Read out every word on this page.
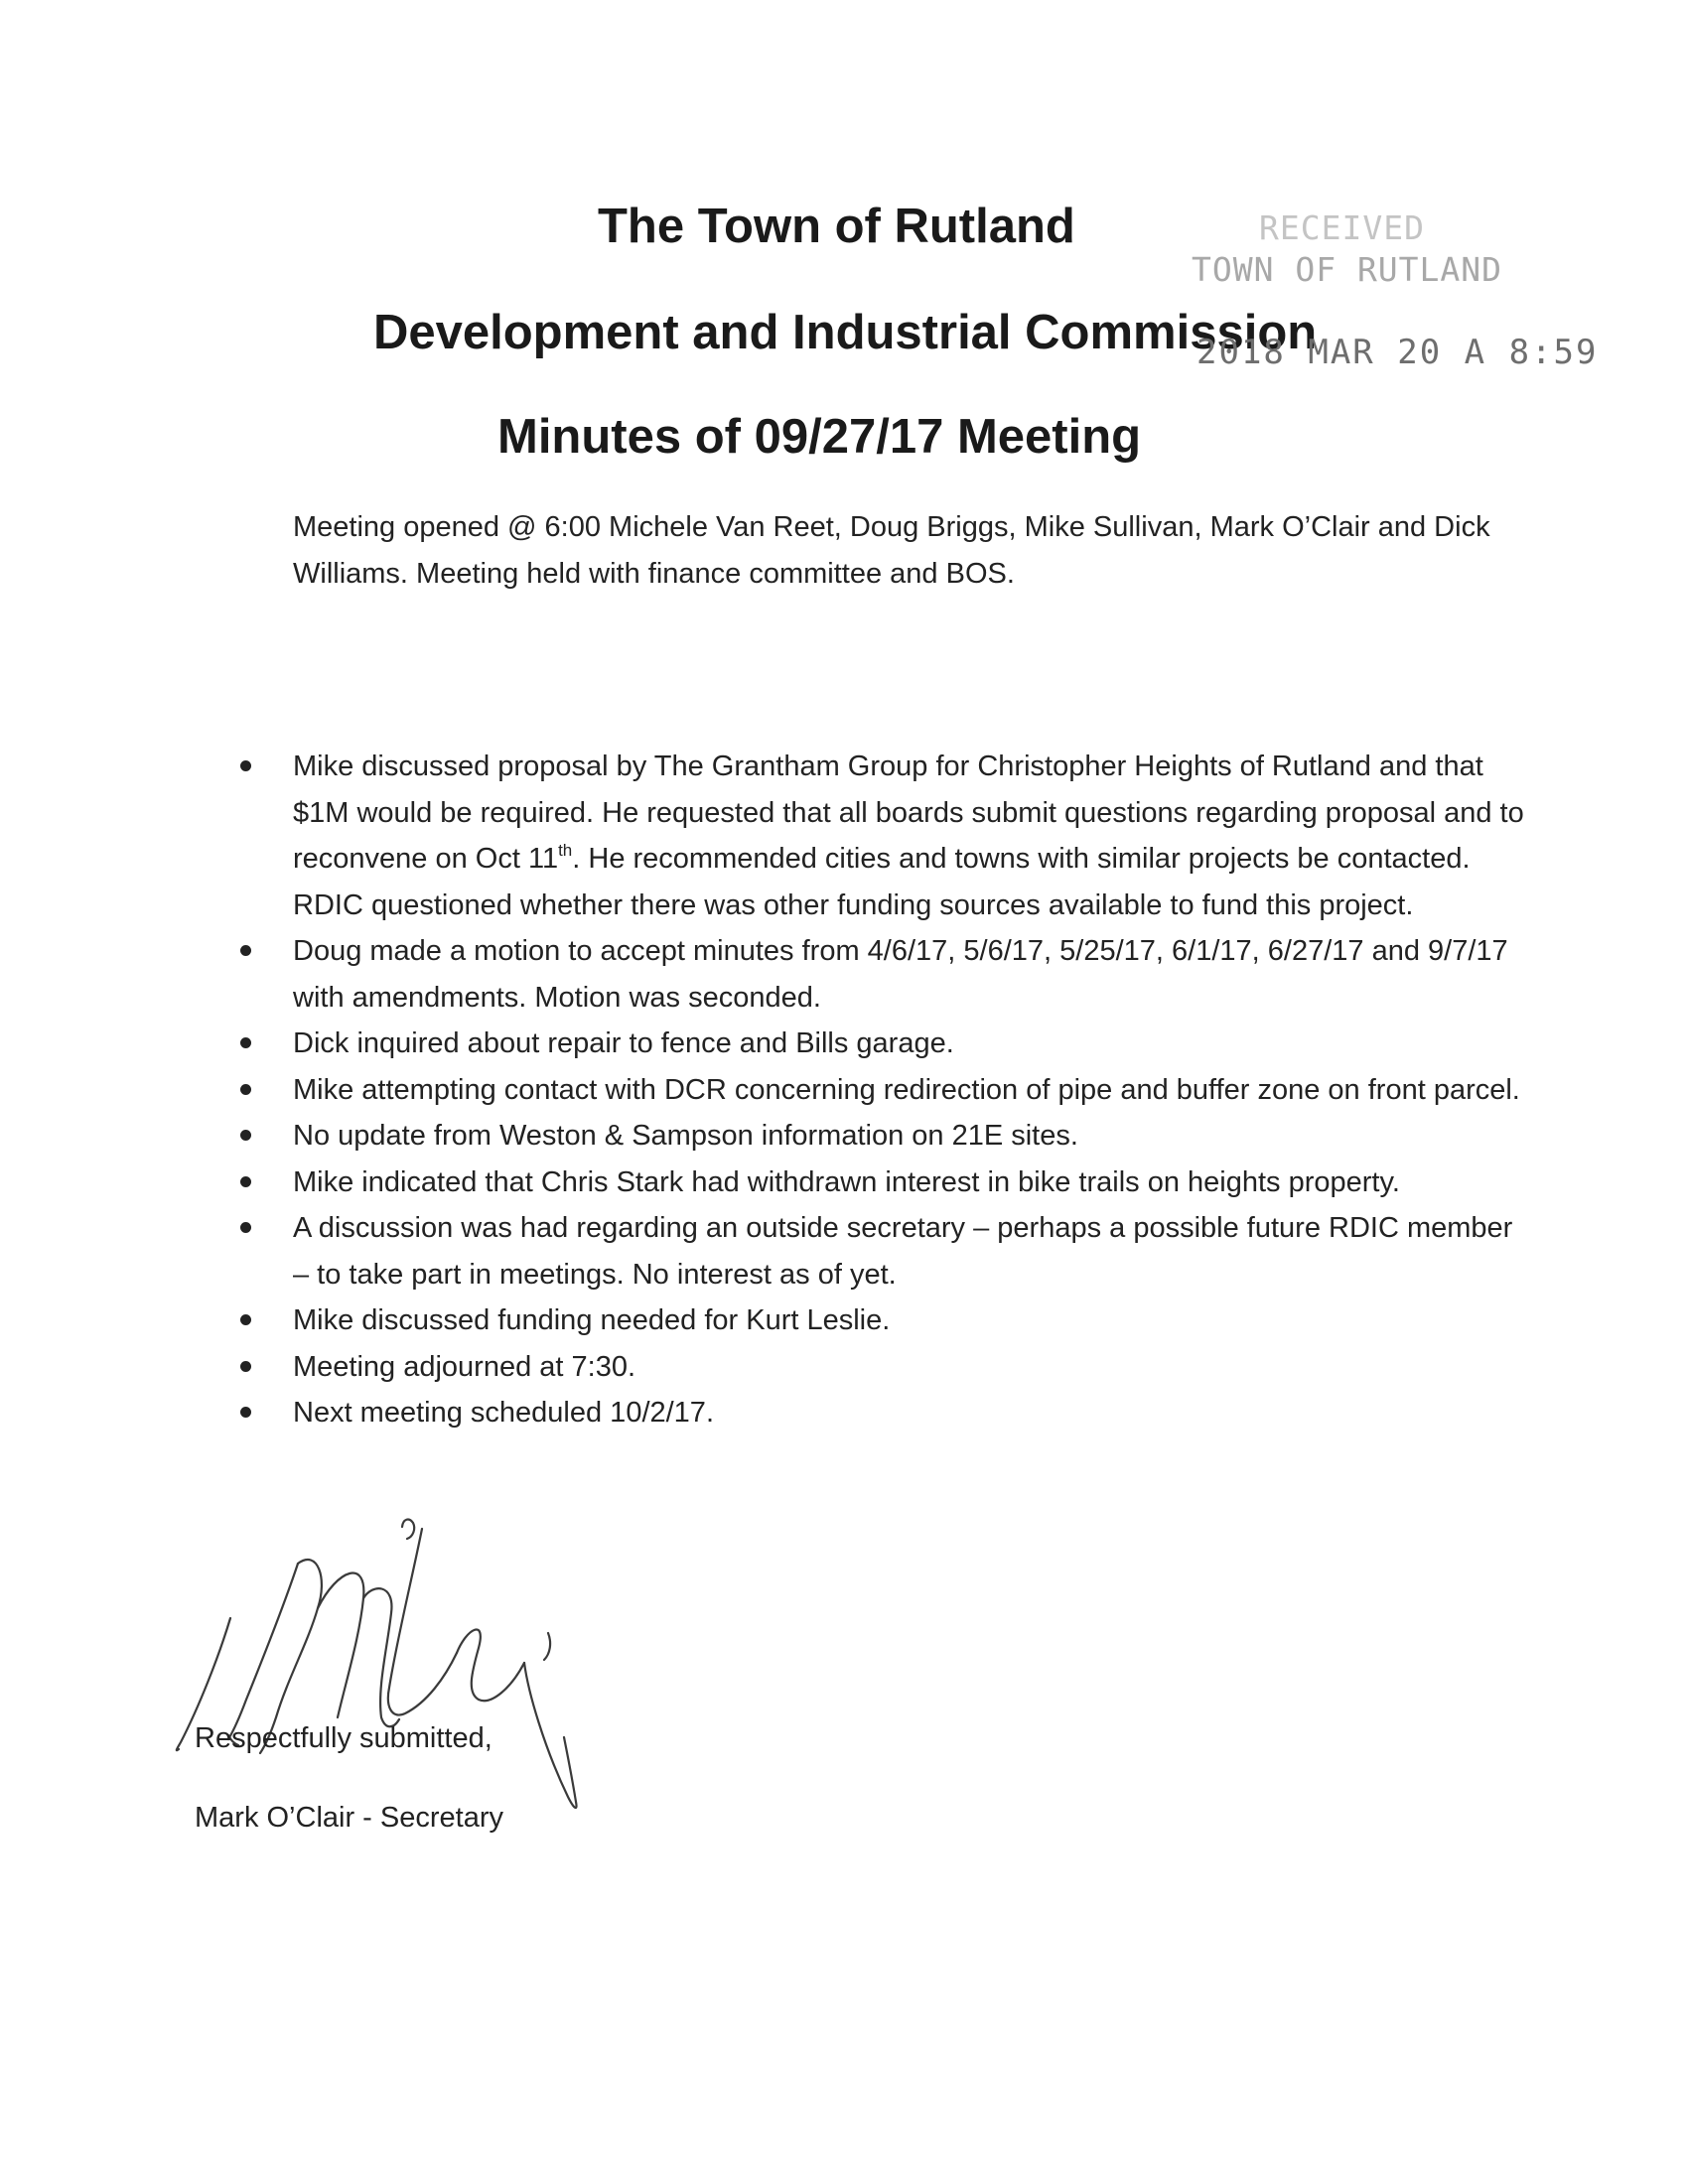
The Town of Rutland
Development and Industrial Commission
Minutes of 09/27/17 Meeting
RECEIVED
TOWN OF RUTLAND
2018 MAR 20 A 8:59
Meeting opened @ 6:00 Michele Van Reet, Doug Briggs, Mike Sullivan, Mark O’Clair and Dick Williams. Meeting held with finance committee and BOS.
Mike discussed proposal by The Grantham Group for Christopher Heights of Rutland and that $1M would be required. He requested that all boards submit questions regarding proposal and to reconvene on Oct 11th. He recommended cities and towns with similar projects be contacted. RDIC questioned whether there was other funding sources available to fund this project.
Doug made a motion to accept minutes from 4/6/17, 5/6/17, 5/25/17, 6/1/17, 6/27/17 and 9/7/17 with amendments. Motion was seconded.
Dick inquired about repair to fence and Bills garage.
Mike attempting contact with DCR concerning redirection of pipe and buffer zone on front parcel.
No update from Weston & Sampson information on 21E sites.
Mike indicated that Chris Stark had withdrawn interest in bike trails on heights property.
A discussion was had regarding an outside secretary – perhaps a possible future RDIC member – to take part in meetings. No interest as of yet.
Mike discussed funding needed for Kurt Leslie.
Meeting adjourned at 7:30.
Next meeting scheduled 10/2/17.
Respectfully submitted,
Mark O’Clair - Secretary
